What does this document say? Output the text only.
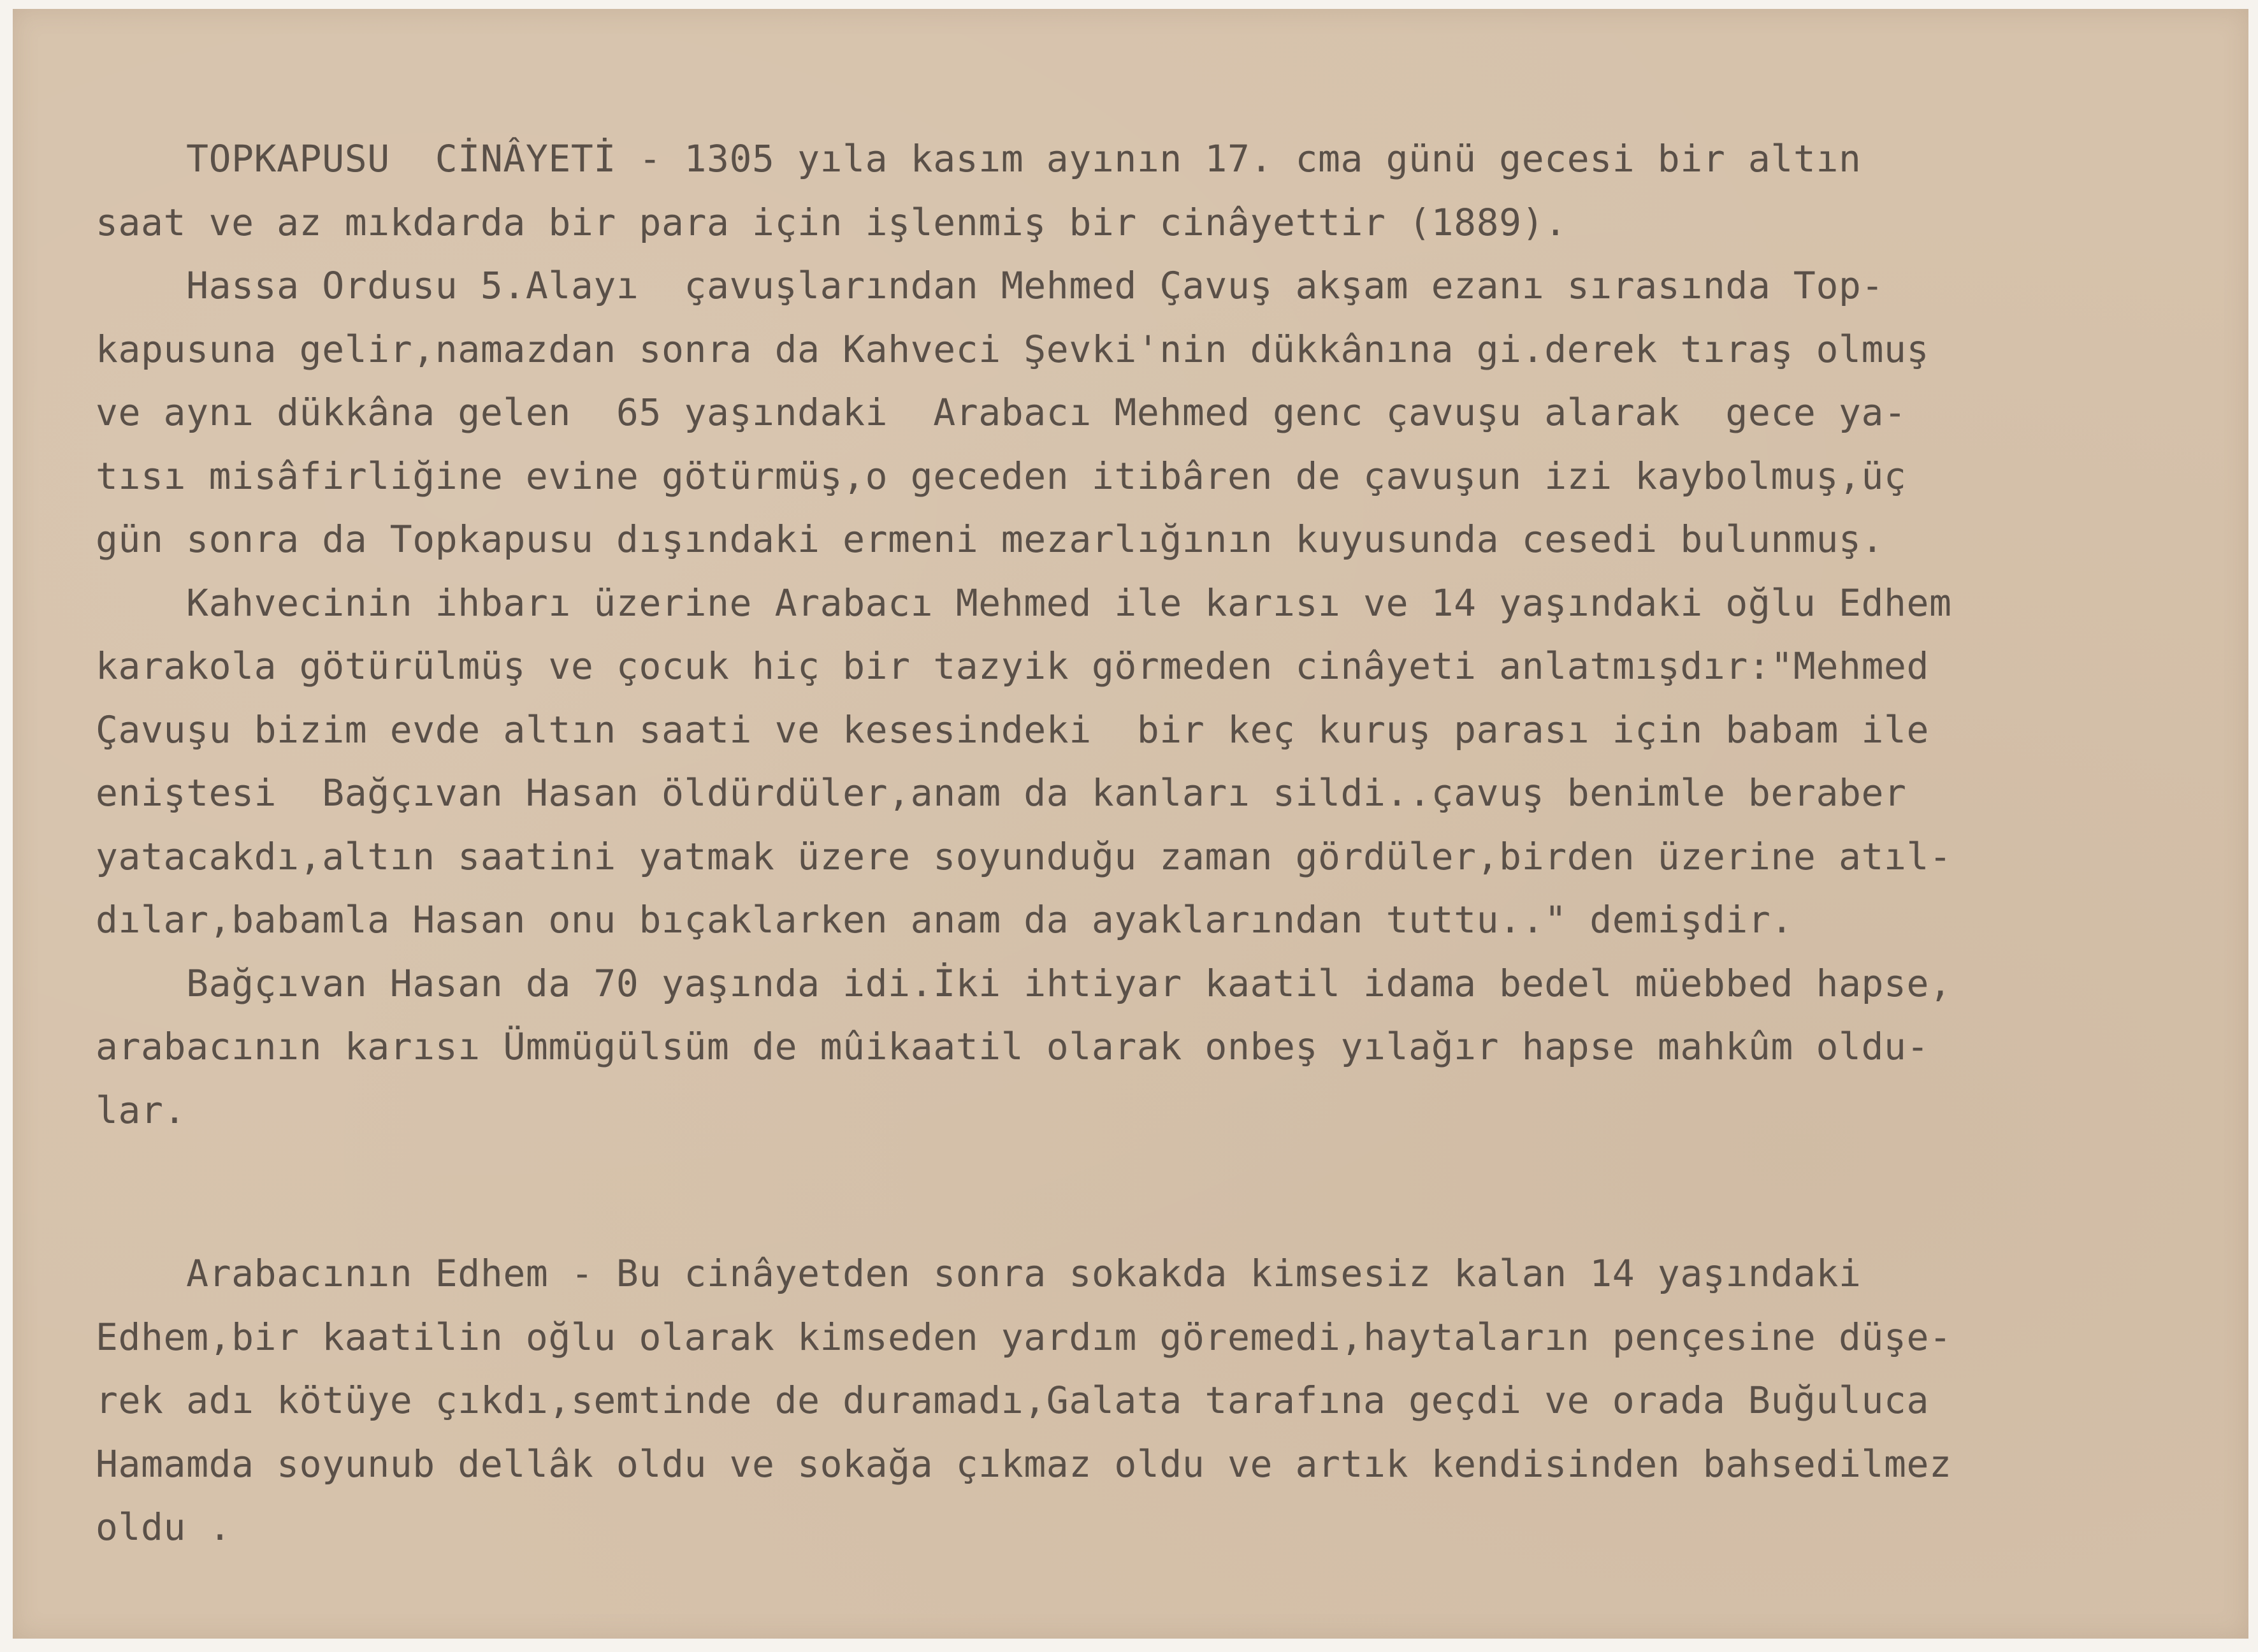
TOPKAPUSU  CİNÂYETİ - 1305 yıla kasım ayının 17. cma günü gecesi bir altın
saat ve az mıkdarda bir para için işlenmiş bir cinâyettir (1889).
Hassa Ordusu 5.Alayı  çavuşlarından Mehmed Çavuş akşam ezanı sırasında Top-
kapusuna gelir,namazdan sonra da Kahveci Şevki'nin dükkânına gi.derek tıraş olmuş
ve aynı dükkâna gelen  65 yaşındaki  Arabacı Mehmed genc çavuşu alarak  gece ya-
tısı misâfirliğine evine götürmüş,o geceden itibâren de çavuşun izi kaybolmuş,üç
gün sonra da Topkapusu dışındaki ermeni mezarlığının kuyusunda cesedi bulunmuş.
Kahvecinin ihbarı üzerine Arabacı Mehmed ile karısı ve 14 yaşındaki oğlu Edhem
karakola götürülmüş ve çocuk hiç bir tazyik görmeden cinâyeti anlatmışdır:"Mehmed
Çavuşu bizim evde altın saati ve kesesindeki  bir keç kuruş parası için babam ile
eniştesi  Bağçıvan Hasan öldürdüler,anam da kanları sildi..çavuş benimle beraber
yatacakdı,altın saatini yatmak üzere soyunduğu zaman gördüler,birden üzerine atıl-
dılar,babamla Hasan onu bıçaklarken anam da ayaklarından tuttu.." demişdir.
Bağçıvan Hasan da 70 yaşında idi.İki ihtiyar kaatil idama bedel müebbed hapse,
arabacının karısı Ümmügülsüm de mûikaatil olarak onbeş yılağır hapse mahkûm oldu-
lar.
Arabacının Edhem - Bu cinâyetden sonra sokakda kimsesiz kalan 14 yaşındaki
Edhem,bir kaatilin oğlu olarak kimseden yardım göremedi,haytaların pençesine düşe-
rek adı kötüye çıkdı,semtinde de duramadı,Galata tarafına geçdi ve orada Buğuluca
Hamamda soyunub dellâk oldu ve sokağa çıkmaz oldu ve artık kendisinden bahsedilmez
oldu .
